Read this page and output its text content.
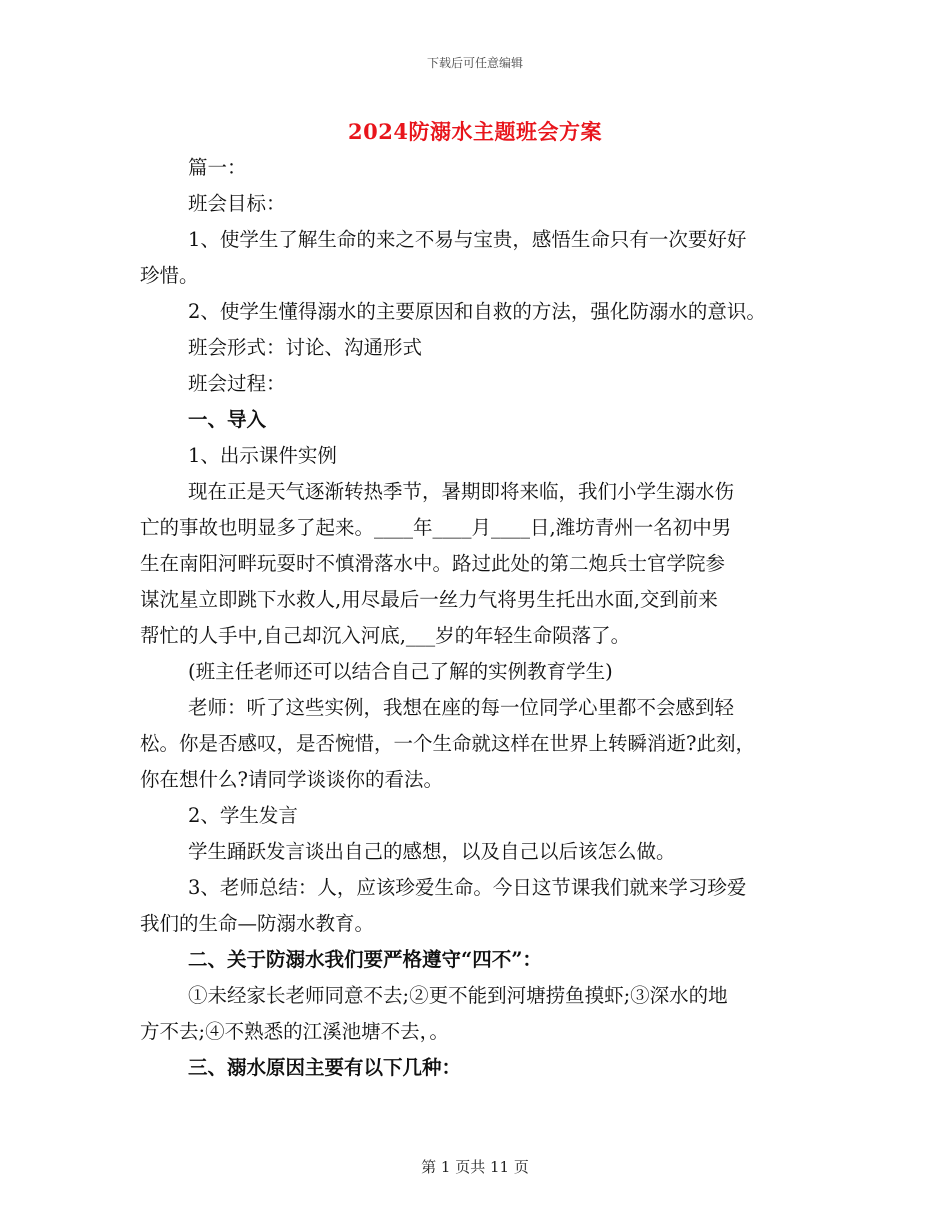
下载后可任意编辑
2024防溺水主题班会方案

篇一：

班会目标：

1、使学生了解生命的来之不易与宝贵，感悟生命只有一次要好好

珍惜。

2、使学生懂得溺水的主要原因和自救的方法，强化防溺水的意识。

班会形式：讨论、沟通形式

班会过程：

一、导入

1、出示课件实例

现在正是天气逐渐转热季节，暑期即将来临，我们小学生溺水伤

亡的事故也明显多了起来。____年____月____日,潍坊青州一名初中男

生在南阳河畔玩耍时不慎滑落水中。路过此处的第二炮兵士官学院参

谋沈星立即跳下水救人,用尽最后一丝力气将男生托出水面,交到前来

帮忙的人手中,自己却沉入河底,___岁的年轻生命陨落了。

(班主任老师还可以结合自己了解的实例教育学生)

老师：听了这些实例，我想在座的每一位同学心里都不会感到轻

松。你是否感叹，是否惋惜，一个生命就这样在世界上转瞬消逝?此刻，

你在想什么?请同学谈谈你的看法。

2、学生发言

学生踊跃发言谈出自己的感想，以及自己以后该怎么做。

3、老师总结：人，应该珍爱生命。今日这节课我们就来学习珍爱

我们的生命—防溺水教育。

二、关于防溺水我们要严格遵守“四不”：

①未经家长老师同意不去;②更不能到河塘捞鱼摸虾;③深水的地

方不去;④不熟悉的江溪池塘不去，。

三、溺水原因主要有以下几种：

第 1 页共 11 页
